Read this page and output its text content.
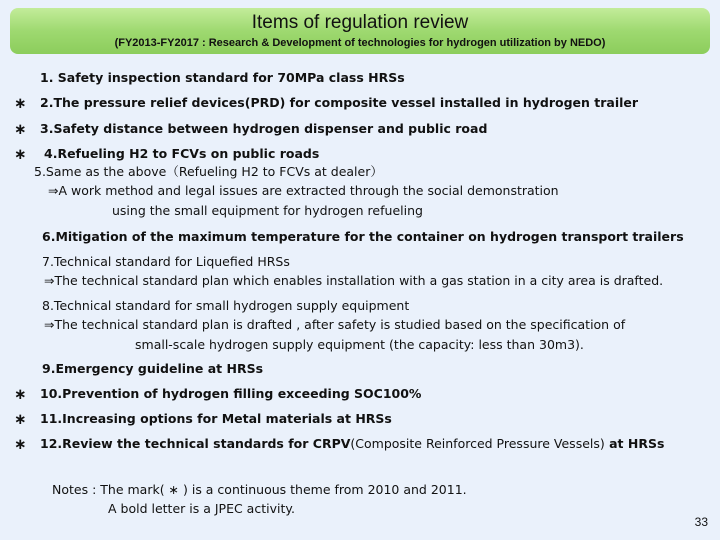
Items of regulation review
(FY2013-FY2017 : Research & Development of technologies for hydrogen utilization by NEDO)
1. Safety inspection standard for 70MPa class HRSs
∗ 2.The pressure relief devices(PRD) for composite vessel installed in hydrogen trailer
∗ 3.Safety distance between hydrogen dispenser and public road
∗ 4.Refueling H2 to FCVs on public roads
5.Same as the above（Refueling H2 to FCVs at dealer）
⇒A work method and legal issues are extracted through the social demonstration
using the small equipment for hydrogen refueling
6.Mitigation of the maximum temperature for the container on hydrogen transport trailers
7.Technical standard for Liquefied HRSs
⇒The technical standard plan which enables installation with a gas station in a city area is drafted.
8.Technical standard for small hydrogen supply equipment
⇒The technical standard plan is drafted , after safety is studied based on the specification of
small-scale hydrogen supply equipment (the capacity: less than 30m3).
9.Emergency guideline at HRSs
∗ 10.Prevention of hydrogen filling exceeding SOC100%
∗ 11.Increasing options for Metal materials at HRSs
∗ 12.Review the technical standards for CRPV(Composite Reinforced Pressure Vessels) at HRSs
Notes : The mark( ∗ ) is a continuous theme from 2010 and 2011.
A bold letter is a JPEC activity.
33
